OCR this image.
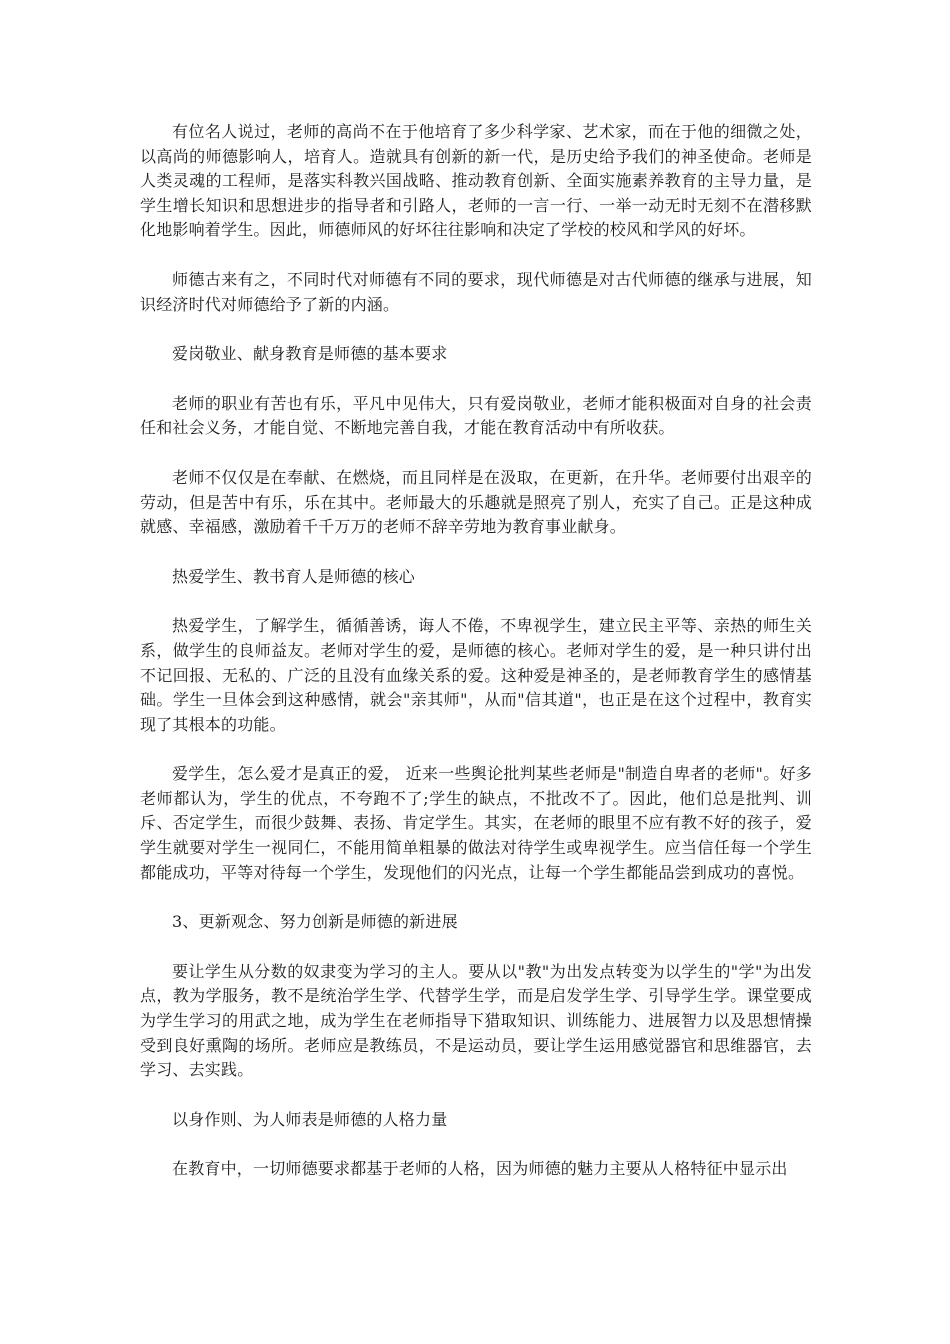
有位名人说过，老师的高尚不在于他培育了多少科学家、艺术家，而在于他的细微之处，以高尚的师德影响人，培育人。造就具有创新的新一代，是历史给予我们的神圣使命。老师是人类灵魂的工程师，是落实科教兴国战略、推动教育创新、全面实施素养教育的主导力量，是学生增长知识和思想进步的指导者和引路人，老师的一言一行、一举一动无时无刻不在潜移默化地影响着学生。因此，师德师风的好坏往往影响和决定了学校的校风和学风的好坏。

师德古来有之，不同时代对师德有不同的要求，现代师德是对古代师德的继承与进展，知识经济时代对师德给予了新的内涵。

爱岗敬业、献身教育是师德的基本要求

老师的职业有苦也有乐，平凡中见伟大，只有爱岗敬业，老师才能积极面对自身的社会责任和社会义务，才能自觉、不断地完善自我，才能在教育活动中有所收获。

老师不仅仅是在奉献、在燃烧，而且同样是在汲取，在更新，在升华。老师要付出艰辛的劳动，但是苦中有乐，乐在其中。老师最大的乐趣就是照亮了别人，充实了自己。正是这种成就感、幸福感，激励着千千万万的老师不辞辛劳地为教育事业献身。

热爱学生、教书育人是师德的核心

热爱学生，了解学生，循循善诱，诲人不倦，不卑视学生，建立民主平等、亲热的师生关系，做学生的良师益友。老师对学生的爱，是师德的核心。老师对学生的爱，是一种只讲付出不记回报、无私的、广泛的且没有血缘关系的爱。这种爱是神圣的，是老师教育学生的感情基础。学生一旦体会到这种感情，就会"亲其师"，从而"信其道"，也正是在这个过程中，教育实现了其根本的功能。

爱学生，怎么爱才是真正的爱， 近来一些舆论批判某些老师是"制造自卑者的老师"。好多老师都认为，学生的优点，不夸跑不了;学生的缺点，不批改不了。因此，他们总是批判、训斥、否定学生，而很少鼓舞、表扬、肯定学生。其实，在老师的眼里不应有教不好的孩子，爱学生就要对学生一视同仁，不能用简单粗暴的做法对待学生或卑视学生。应当信任每一个学生都能成功，平等对待每一个学生，发现他们的闪光点，让每一个学生都能品尝到成功的喜悦。

3、更新观念、努力创新是师德的新进展

要让学生从分数的奴隶变为学习的主人。要从以"教"为出发点转变为以学生的"学"为出发点，教为学服务，教不是统治学生学、代替学生学，而是启发学生学、引导学生学。课堂要成为学生学习的用武之地，成为学生在老师指导下猎取知识、训练能力、进展智力以及思想情操受到良好熏陶的场所。老师应是教练员，不是运动员，要让学生运用感觉器官和思维器官，去学习、去实践。

以身作则、为人师表是师德的人格力量

在教育中，一切师德要求都基于老师的人格，因为师德的魅力主要从人格特征中显示出
